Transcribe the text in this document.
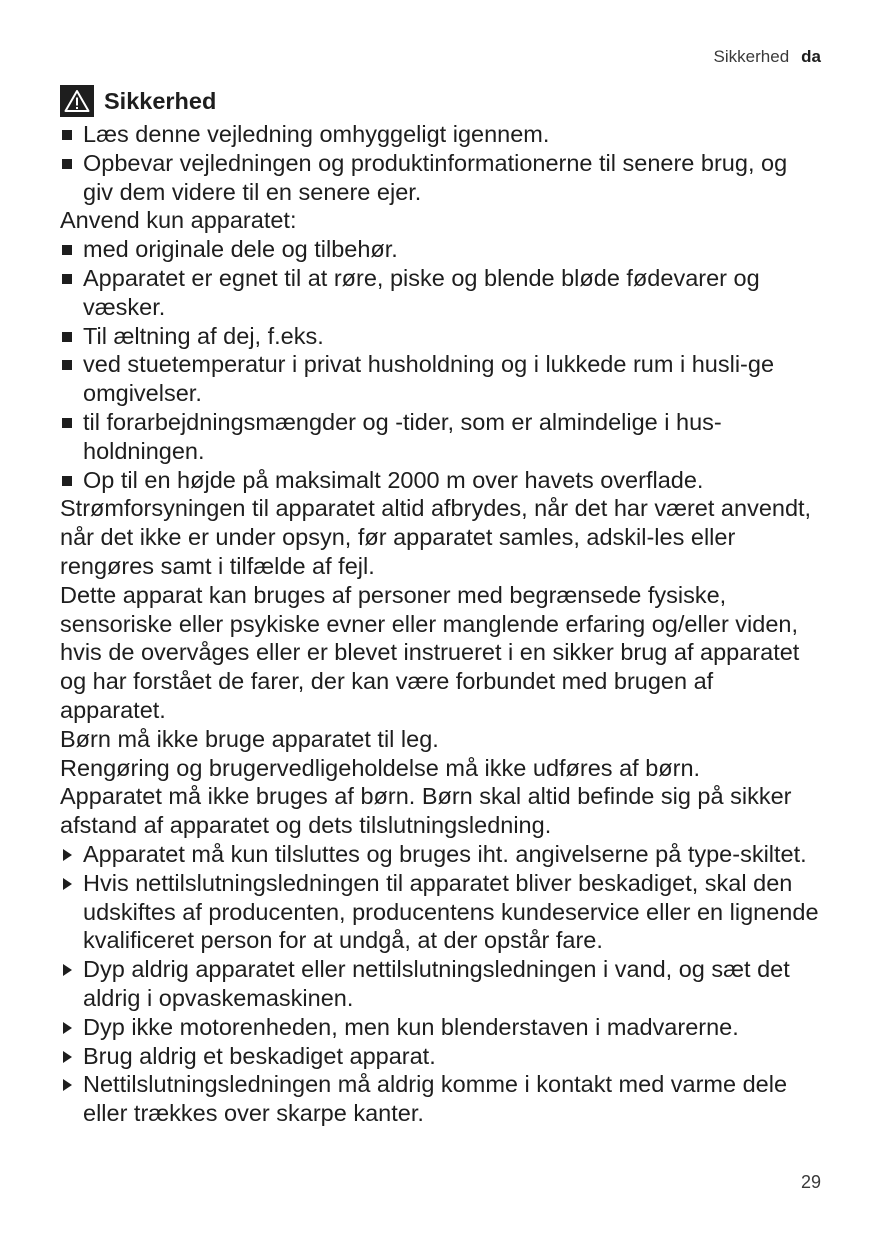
Sikkerhed da
Sikkerhed
Læs denne vejledning omhyggeligt igennem.
Opbevar vejledningen og produktinformationerne til senere brug, og giv dem videre til en senere ejer.

Anvend kun apparatet:

med originale dele og tilbehør.
Apparatet er egnet til at røre, piske og blende bløde fødevarer og væsker.
Til æltning af dej, f.eks.
ved stuetemperatur i privat husholdning og i lukkede rum i husli-ge omgivelser.
til forarbejdningsmængder og -tider, som er almindelige i hus-holdningen.
Op til en højde på maksimalt 2000 m over havets overflade.

Strømforsyningen til apparatet altid afbrydes, når det har været anvendt, når det ikke er under opsyn, før apparatet samles, adskil-les eller rengøres samt i tilfælde af fejl.

Dette apparat kan bruges af personer med begrænsede fysiske, sensoriske eller psykiske evner eller manglende erfaring og/eller viden, hvis de overvåges eller er blevet instrueret i en sikker brug af apparatet og har forstået de farer, der kan være forbundet med brugen af apparatet.

Børn må ikke bruge apparatet til leg.

Rengøring og brugervedligeholdelse må ikke udføres af børn.

Apparatet må ikke bruges af børn. Børn skal altid befinde sig på sikker afstand af apparatet og dets tilslutningsledning.

Apparatet må kun tilsluttes og bruges iht. angivelserne på type-skiltet.
Hvis nettilslutningsledningen til apparatet bliver beskadiget, skal den udskiftes af producenten, producentens kundeservice eller en lignende kvalificeret person for at undgå, at der opstår fare.
Dyp aldrig apparatet eller nettilslutningsledningen i vand, og sæt det aldrig i opvaskemaskinen.
Dyp ikke motorenheden, men kun blenderstaven i madvarerne.
Brug aldrig et beskadiget apparat.
Nettilslutningsledningen må aldrig komme i kontakt med varme dele eller trækkes over skarpe kanter.
29
